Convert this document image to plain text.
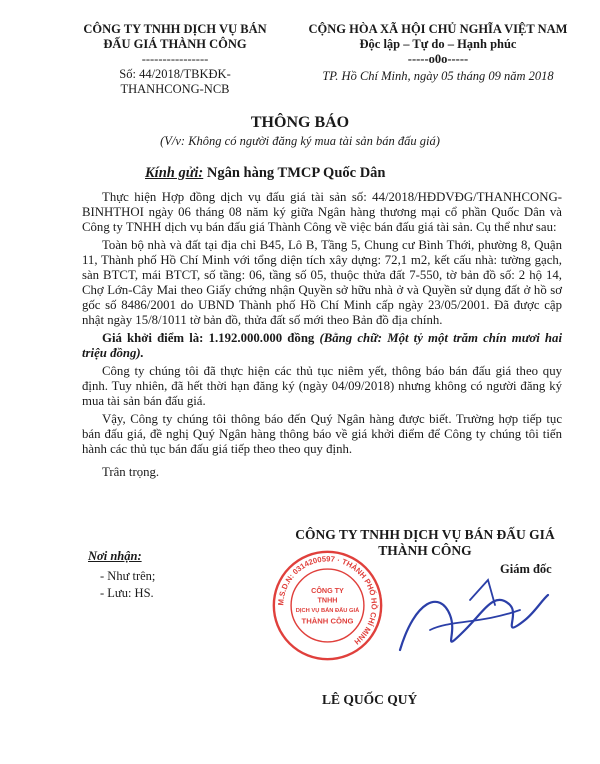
CÔNG TY TNHH DỊCH VỤ BÁN
ĐẤU GIÁ THÀNH CÔNG
----------------
Số: 44/2018/TBKĐK-
THANHCONG-NCB
CỘNG HÒA XÃ HỘI CHỦ NGHĨA VIỆT NAM
Độc lập – Tự do – Hạnh phúc
-----o0o-----
TP. Hồ Chí Minh, ngày 05 tháng 09 năm 2018
THÔNG BÁO
(V/v: Không có người đăng ký mua tài sản bán đấu giá)
Kính gửi: Ngân hàng TMCP Quốc Dân

Thực hiện Hợp đồng dịch vụ đấu giá tài sản số: 44/2018/HĐDVĐG/THANHCONG-BINHTHOI ngày 06 tháng 08 năm ký giữa Ngân hàng thương mại cổ phần Quốc Dân và Công ty TNHH dịch vụ bán đấu giá Thành Công về việc bán đấu giá tài sản. Cụ thể như sau:

Toàn bộ nhà và đất tại địa chỉ B45, Lô B, Tầng 5, Chung cư Bình Thới, phường 8, Quận 11, Thành phố Hồ Chí Minh với tổng diện tích xây dựng: 72,1 m2, kết cấu nhà: tường gạch, sàn BTCT, mái BTCT, số tầng: 06, tầng số 05, thuộc thửa đất 7-550, tờ bản đồ số: 2 hộ 14, Chợ Lớn-Cây Mai theo Giấy chứng nhận Quyền sở hữu nhà ở và Quyền sử dụng đất ở hồ sơ gốc số 8486/2001 do UBND Thành phố Hồ Chí Minh cấp ngày 23/05/2001. Đã được cập nhật ngày 15/8/1011 tờ bản đồ, thửa đất số mới theo Bản đồ địa chính.

Giá khởi điểm là: 1.192.000.000 đồng (Bằng chữ: Một tỷ một trăm chín mươi hai triệu đồng).

Công ty chúng tôi đã thực hiện các thủ tục niêm yết, thông báo bán đấu giá theo quy định. Tuy nhiên, đã hết thời hạn đăng ký (ngày 04/09/2018) nhưng không có người đăng ký mua tài sản bán đấu giá.

Vậy, Công ty chúng tôi thông báo đến Quý Ngân hàng được biết. Trường hợp tiếp tục bán đấu giá, đề nghị Quý Ngân hàng thông báo về giá khởi điểm để Công ty chúng tôi tiến hành các thủ tục bán đấu giá tiếp theo theo quy định.

Trân trọng.

CÔNG TY TNHH DỊCH VỤ BÁN ĐẤU GIÁ
THÀNH CÔNG
Giám đốc
Nơi nhận:
- Như trên;
- Lưu: HS.
M.S.D.N: 0314200597 · THÀNH PHỐ HỒ CHÍ MINH
CÔNG TY
TNHH
DỊCH VỤ BÁN ĐẤU GIÁ
THÀNH CÔNG
LÊ QUỐC QUÝ
